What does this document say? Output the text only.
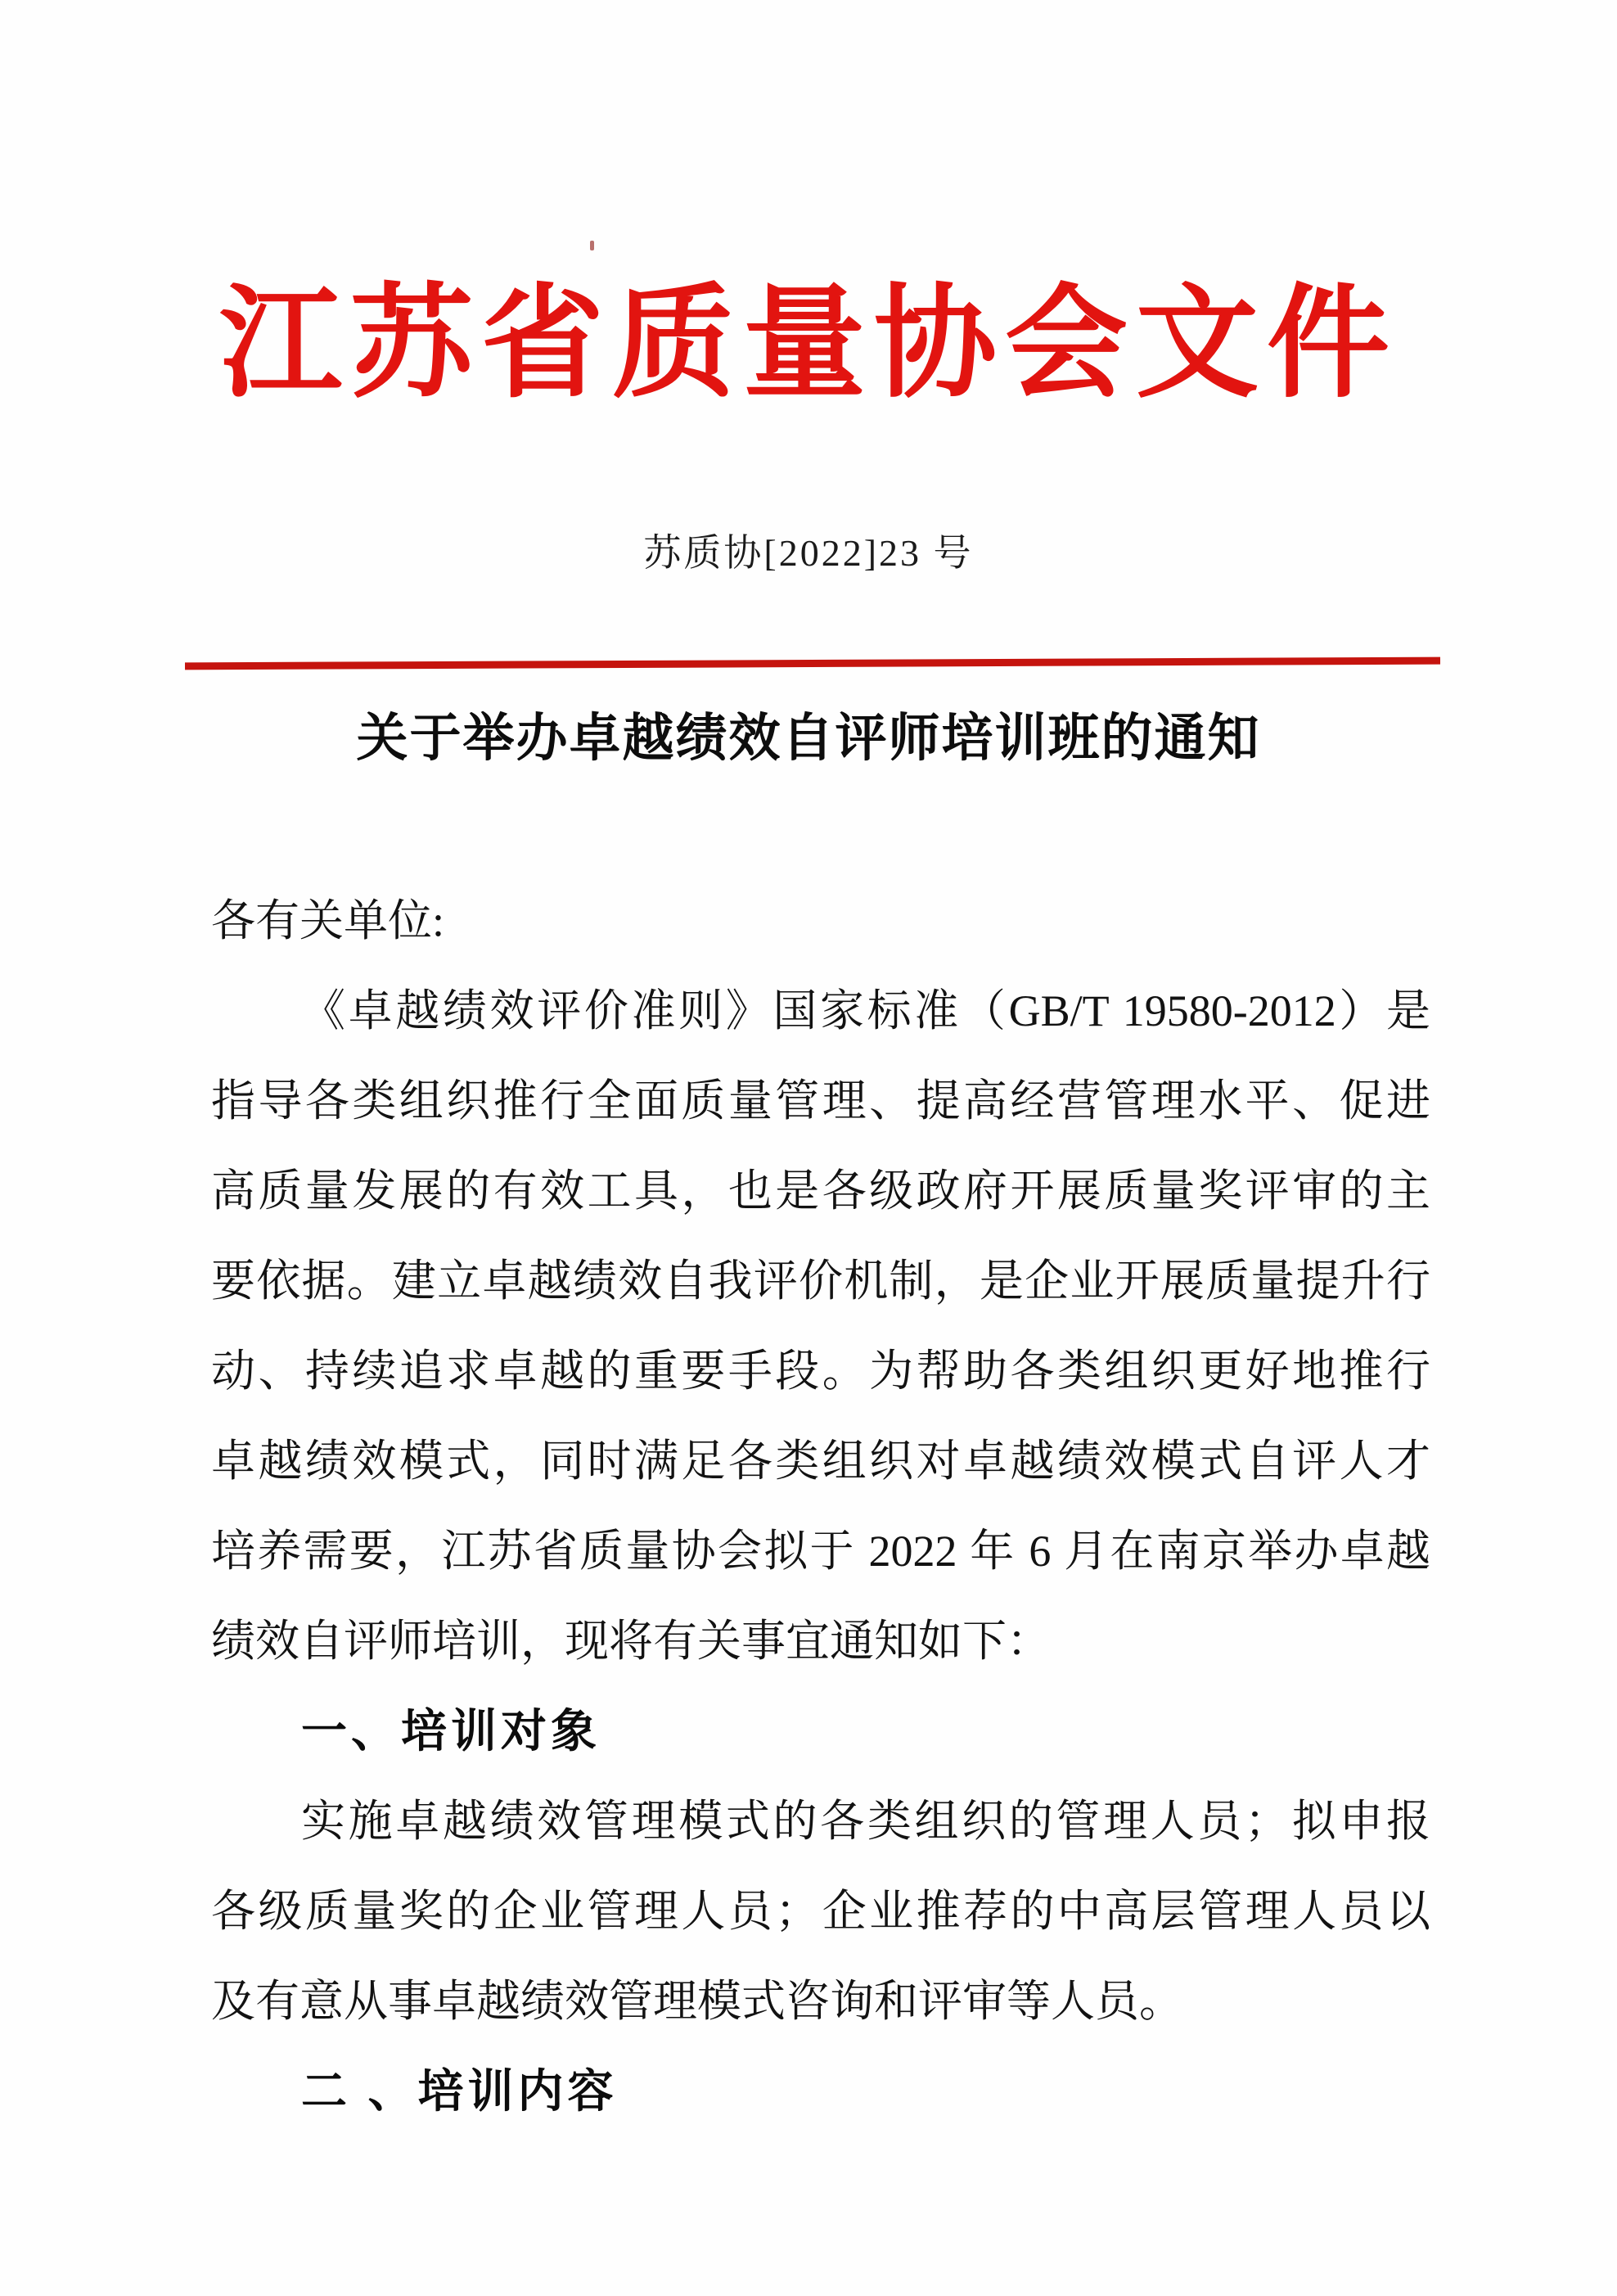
江苏省质量协会文件
苏质协[2022]23 号
关于举办卓越绩效自评师培训班的通知
各有关单位:
《卓越绩效评价准则》国家标准（GB/T 19580-2012）是
指导各类组织推行全面质量管理、提高经营管理水平、促进
高质量发展的有效工具，也是各级政府开展质量奖评审的主
要依据。建立卓越绩效自我评价机制，是企业开展质量提升行
动、持续追求卓越的重要手段。为帮助各类组织更好地推行
卓越绩效模式，同时满足各类组织对卓越绩效模式自评人才
培养需要，江苏省质量协会拟于 2022 年 6 月在南京举办卓越
绩效自评师培训，现将有关事宜通知如下：
一、培训对象
实施卓越绩效管理模式的各类组织的管理人员；拟申报
各级质量奖的企业管理人员；企业推荐的中高层管理人员以
及有意从事卓越绩效管理模式咨询和评审等人员。
二 、培训内容
